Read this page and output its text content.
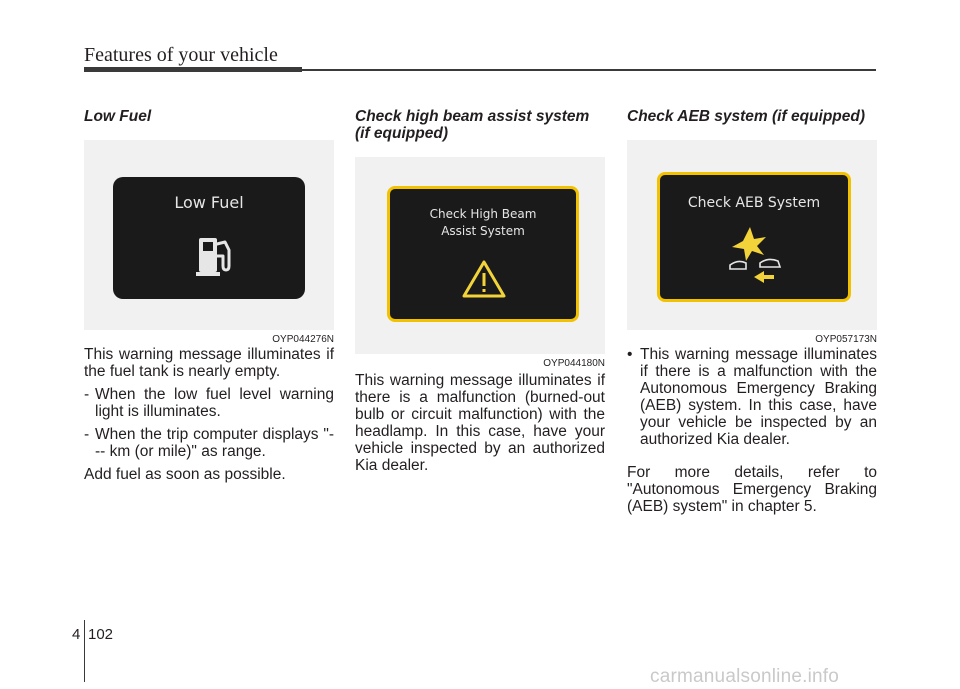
Features of your vehicle
Low Fuel
Low Fuel
OYP044276N
This warning message illuminates if the fuel tank is nearly empty.
- When the low fuel level warning light is illuminates.
- When the trip computer displays "--- km (or mile)" as range.
Add fuel as soon as possible.
Check high beam assist system
(if equipped)
Check High Beam
Assist System
OYP044180N
This warning message illuminates if there is a malfunction (burned-out bulb or circuit malfunction) with the headlamp. In this case, have your vehicle inspected by an authorized Kia dealer.
Check AEB system (if equipped)
Check AEB System
OYP057173N
• This warning message illuminates if there is a malfunction with the Autonomous Emergency Braking (AEB) system. In this case, have your vehicle be inspected by an authorized Kia dealer.
For more details, refer to "Autonomous Emergency Braking (AEB) system" in chapter 5.
4 102
carmanualsonline.info
